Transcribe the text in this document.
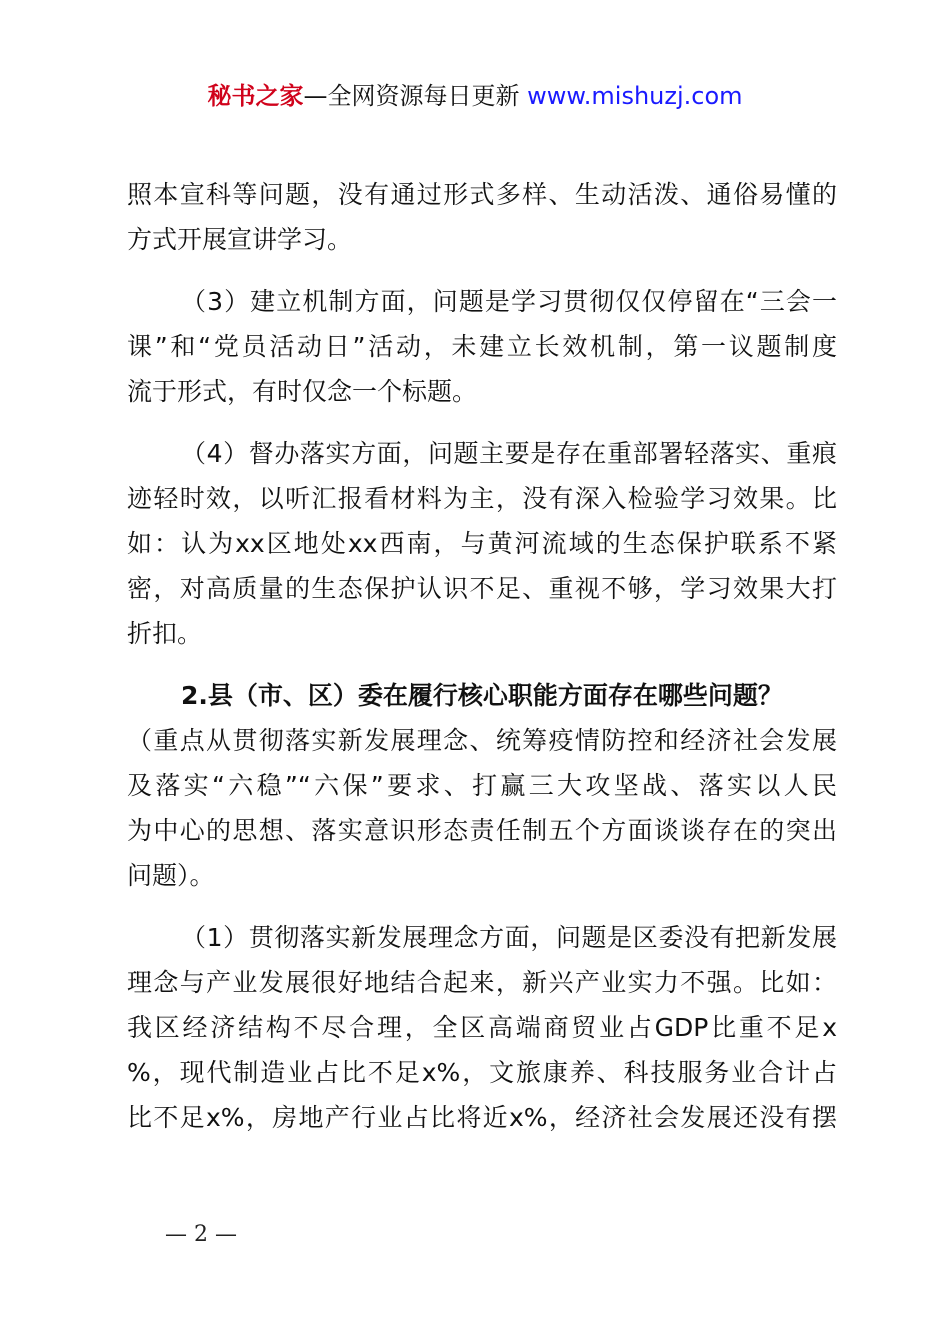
秘书之家—全网资源每日更新 www.mishuzj.com
照本宣科等问题，没有通过形式多样、生动活泼、通俗易懂的
方式开展宣讲学习。
（3）建立机制方面，问题是学习贯彻仅仅停留在“三会一
课”和“党员活动日”活动，未建立长效机制，第一议题制度
流于形式，有时仅念一个标题。
（4）督办落实方面，问题主要是存在重部署轻落实、重痕
迹轻时效，以听汇报看材料为主，没有深入检验学习效果。比
如：认为xx区地处xx西南，与黄河流域的生态保护联系不紧
密，对高质量的生态保护认识不足、重视不够，学习效果大打
折扣。
2.县（市、区）委在履行核心职能方面存在哪些问题？
（重点从贯彻落实新发展理念、统筹疫情防控和经济社会发展
及落实“六稳”“六保”要求、打赢三大攻坚战、落实以人民
为中心的思想、落实意识形态责任制五个方面谈谈存在的突出
问题）。
（1）贯彻落实新发展理念方面，问题是区委没有把新发展
理念与产业发展很好地结合起来，新兴产业实力不强。比如：
我区经济结构不尽合理，全区高端商贸业占GDP比重不足x
%，现代制造业占比不足x%，文旅康养、科技服务业合计占
比不足x%，房地产行业占比将近x%，经济社会发展还没有摆
— 2 —
